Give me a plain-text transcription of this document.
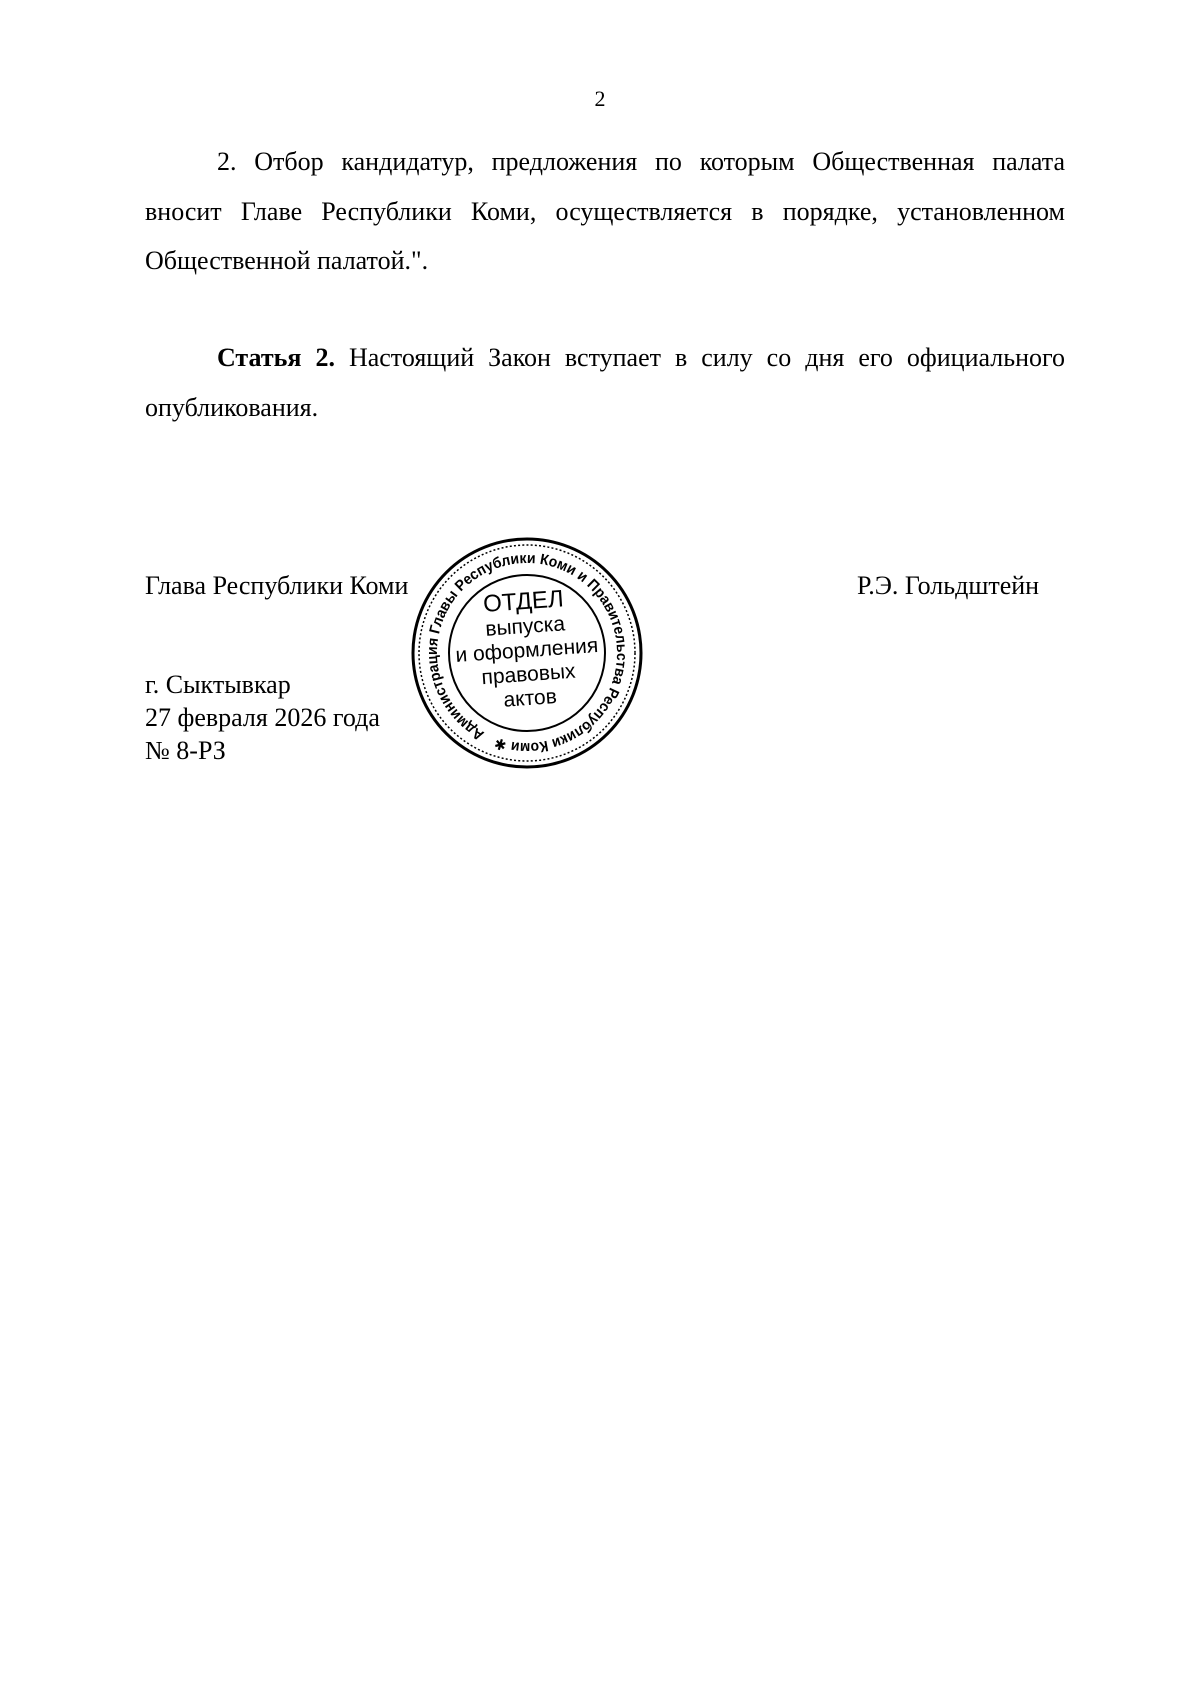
2

2. Отбор кандидатур, предложения по которым Общественная палата вносит Главе Республики Коми, осуществляется в порядке, установленном Общественной палатой.".

Статья 2. Настоящий Закон вступает в силу со дня его официального опубликования.

Глава Республики Коми	Р.Э. Гольдштейн
г. Сыктывкар
27 февраля 2026 года
№ 8-РЗ
Администрация Главы Республики Коми и Правительства Республики Коми ✱
ОТДЕЛ
выпуска
и оформления
правовых
актов
